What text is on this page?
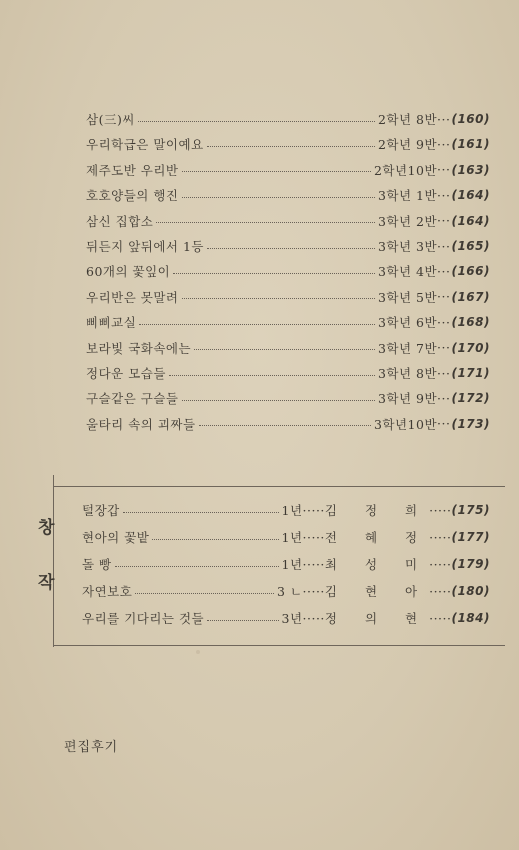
삼(三)씨	2학년 8반 ··· (160)
우리학급은 말이예요	2학년 9반 ··· (161)
제주도반 우리반	2학년10반 ··· (163)
호호양들의 행진	3학년 1반 ··· (164)
삼신 집합소	3학년 2반 ··· (164)
뒤든지 앞뒤에서 1등	3학년 3반 ··· (165)
60개의 꽃잎이	3학년 4반 ··· (166)
우리반은 못말려	3학년 5반 ··· (167)
삐삐교실	3학년 6반 ··· (168)
보라빛 국화속에는	3학년 7반 ··· (170)
정다운 모습들	3학년 8반 ··· (171)
구슬같은 구슬들	3학년 9반 ··· (172)
울타리 속의 괴짜들	3학년10반 ··· (173)
창
작
털장갑	1년 ····· 김 정 희 ····· (175)
현아의 꽃밭	1년 ····· 전 혜 정 ····· (177)
돌 빵	1년 ····· 최 성 미 ····· (179)
자연보호	3 ㄴ ····· 김 현 아 ····· (180)
우리를 기다리는 것들	3년 ····· 정 의 현 ····· (184)
편집후기
